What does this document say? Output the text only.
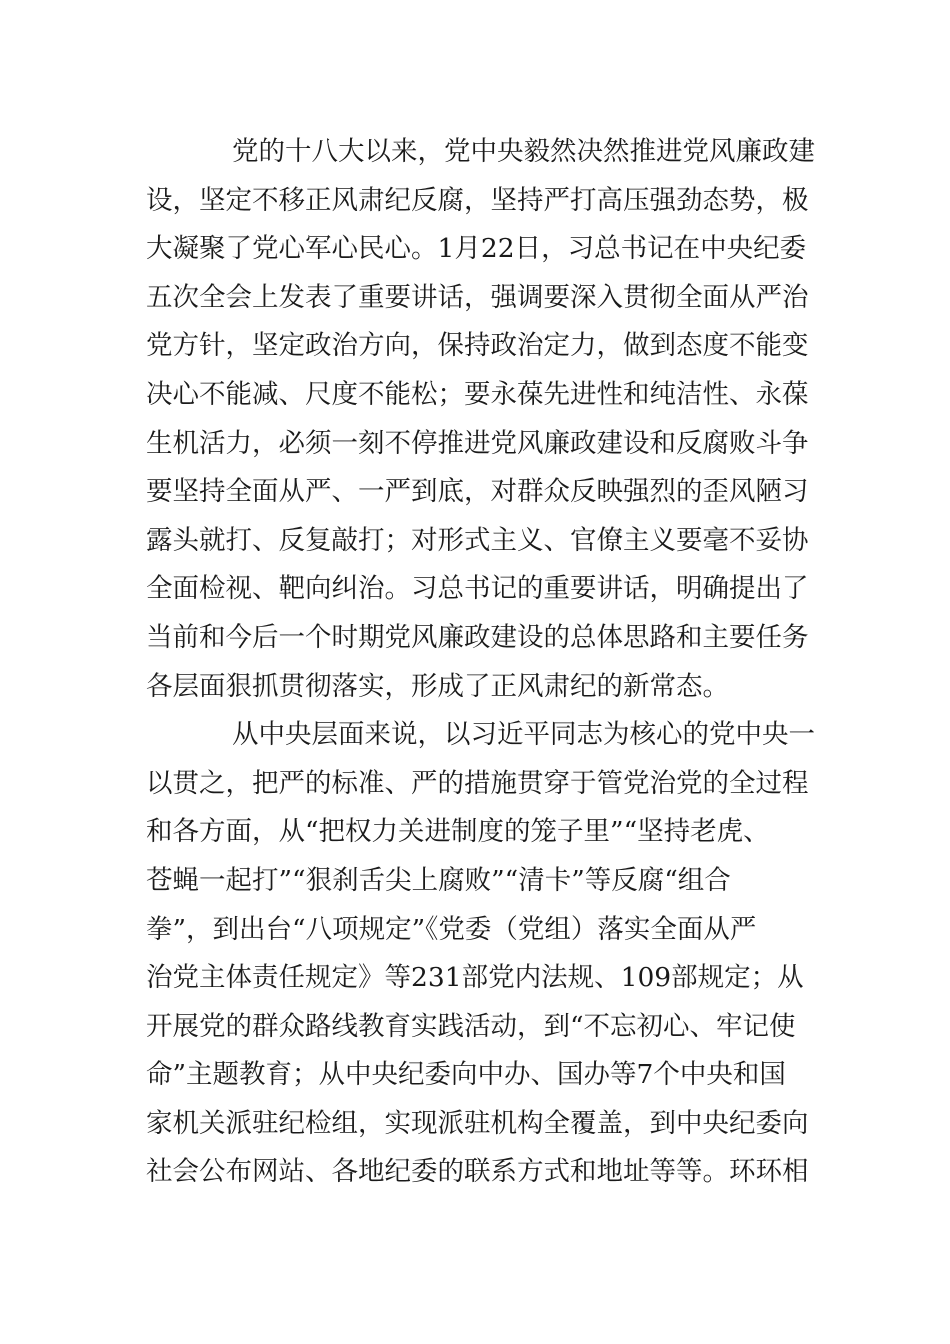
党的十八大以来，党中央毅然决然推进党风廉政建
设，坚定不移正风肃纪反腐，坚持严打高压强劲态势，极
大凝聚了党心军心民心。1月22日，习总书记在中央纪委
五次全会上发表了重要讲话，强调要深入贯彻全面从严治
党方针，坚定政治方向，保持政治定力，做到态度不能变
决心不能减、尺度不能松；要永葆先进性和纯洁性、永葆
生机活力，必须一刻不停推进党风廉政建设和反腐败斗争
要坚持全面从严、一严到底，对群众反映强烈的歪风陋习
露头就打、反复敲打；对形式主义、官僚主义要毫不妥协
全面检视、靶向纠治。习总书记的重要讲话，明确提出了
当前和今后一个时期党风廉政建设的总体思路和主要任务
各层面狠抓贯彻落实，形成了正风肃纪的新常态。
从中央层面来说，以习近平同志为核心的党中央一
以贯之，把严的标准、严的措施贯穿于管党治党的全过程
和各方面，从“把权力关进制度的笼子里”“坚持老虎、
苍蝇一起打”“狠刹舌尖上腐败”“清卡”等反腐“组合
拳”，到出台“八项规定”《党委（党组）落实全面从严
治党主体责任规定》等231部党内法规、109部规定；从
开展党的群众路线教育实践活动，到“不忘初心、牢记使
命”主题教育；从中央纪委向中办、国办等7个中央和国
家机关派驻纪检组，实现派驻机构全覆盖，到中央纪委向
社会公布网站、各地纪委的联系方式和地址等等。环环相
